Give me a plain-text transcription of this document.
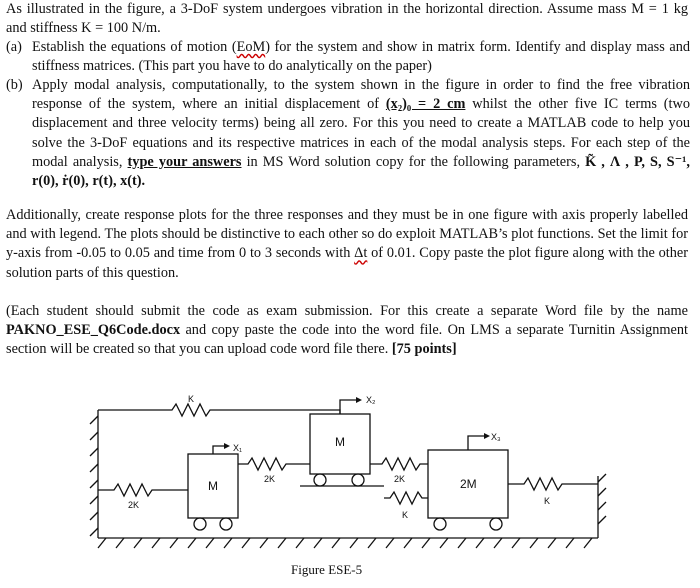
As illustrated in the figure, a 3-DoF system undergoes vibration in the horizontal direction. Assume mass M = 1 kg and stiffness K = 100 N/m.
(a) Establish the equations of motion (EoM) for the system and show in matrix form. Identify and display mass and stiffness matrices. (This part you have to do analytically on the paper)
(b) Apply modal analysis, computationally, to the system shown in the figure in order to find the free vibration response of the system, where an initial displacement of (x₂)₀ = 2 cm whilst the other five IC terms (two displacement and three velocity terms) being all zero. For this you need to create a MATLAB code to help you solve the 3-DoF equations and its respective matrices in each of the modal analysis steps. For each step of the modal analysis, type your answers in MS Word solution copy for the following parameters, K̃ , Λ , P, S, S⁻¹, r(0), ṙ(0), r(t), x(t).
Additionally, create response plots for the three responses and they must be in one figure with axis properly labelled and with legend. The plots should be distinctive to each other so do exploit MATLAB’s plot functions. Set the limit for y-axis from -0.05 to 0.05 and time from 0 to 3 seconds with Δt of 0.01. Copy paste the plot figure along with the other solution parts of this question.
(Each student should submit the code as exam submission. For this create a separate Word file by the name PAKNO_ESE_Q6Code.docx and copy paste the code into the word file. On LMS a separate Turnitin Assignment section will be created so that you can upload code word file there. [75 points]
K
X₁
X₂
X₃
2K
2K	2K
K
K
M
M
2M
Figure ESE-5
